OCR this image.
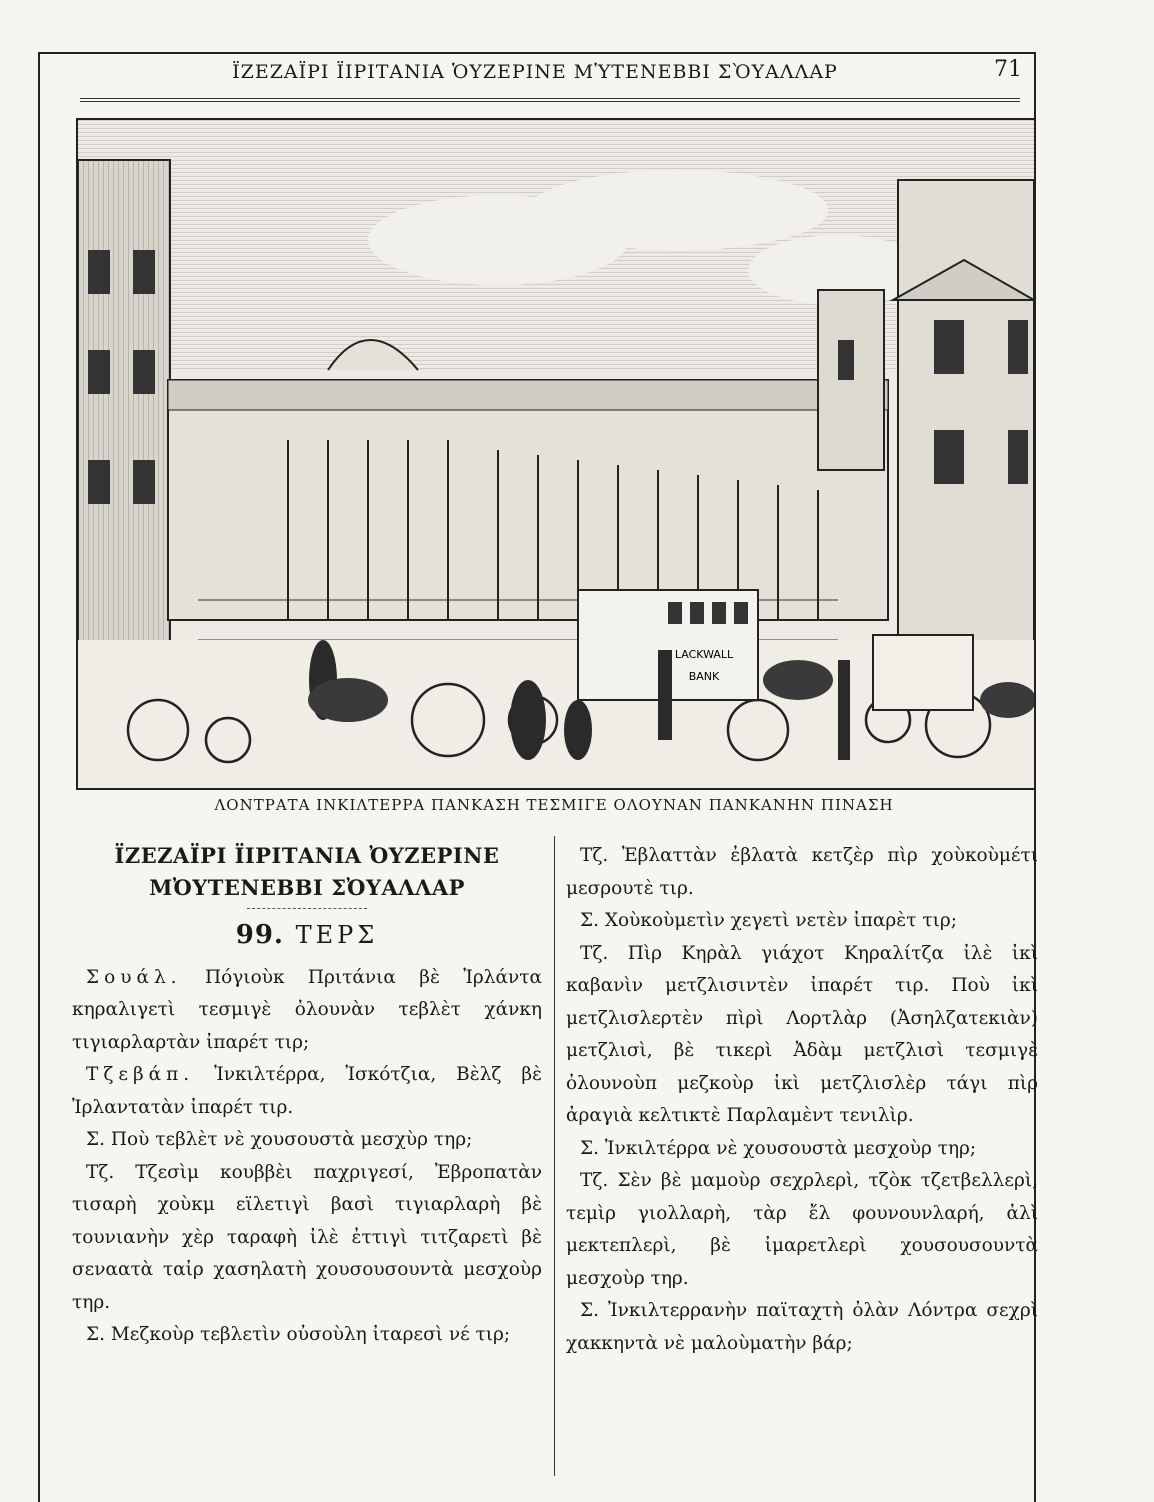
ΪΖΕΖΑΪΡΙ ΪΙΡΙΤΑΝΙΑ ὉΥΖΕΡΙΝΕ ΜὙΤΕΝΕΒΒΙ ΣῸΥΑΛΛΑΡ	71
LACKWALL
BANK
ΛΟΝΤΡΑΤΑ ΙΝΚΙΛΤΕΡΡΑ ΠΑΝΚΑΣΗ ΤΕΣΜΙΓΕ ΟΛΟΥΝΑΝ ΠΑΝΚΑΝΗΝ ΠΙΝΑΣΗ
ΪΖΕΖΑΪΡΙ ΪΙΡΙΤΑΝΙΑ ὈΥΖΕΡΙΝΕ
ΜὈΥΤΕΝΕΒΒΙ ΣὈΥΑΛΛΑΡ
99. ΤΕΡΣ

Σουάλ. Πόγιοὺκ Πριτάνια βὲ Ἰρλάντα κηραλιγετὶ τεσμιγὲ ὀλουνὰν τεβλὲτ χάνκη τιγιαρλαρτὰν ἰπαρέτ τιρ;

Τζεβάπ. Ἰνκιλτέρρα, Ἰσκότζια, Βὲλζ βὲ Ἰρλαντατὰν ἰπαρέτ τιρ.

Σ. Ποὺ τεβλὲτ νὲ χουσουστὰ μεσχὺρ τηρ;

Τζ. Τζεσὶμ κουββὲι παχριγεσί, Ἐβροπατὰν τισαρὴ χοὺκμ εϊλετιγὶ βασὶ τιγιαρλαρὴ βὲ τουνιανὴν χὲρ ταραφὴ ἰλὲ ἐττιγὶ τιτζαρετὶ βὲ σεναατὰ ταἰρ χασηλατὴ χουσουσουντὰ μεσχοὺρ τηρ.

Σ. Μεζκοὺρ τεβλετὶν οὐσοὺλη ἰταρεσὶ νέ τιρ;

Τζ. Ἐβλαττὰν ἐβλατὰ κετζὲρ πὶρ χοὺκοὺμέτι μεσρουτὲ τιρ.

Σ. Χοὺκοὺμετὶν χεγετὶ νετὲν ἰπαρὲτ τιρ;

Τζ. Πὶρ Κηρὰλ γιάχοτ Κηραλίτζα ἰλὲ ἰκὶ καβανὶν μετζλισιντὲν ἰπαρέτ τιρ. Ποὺ ἰκὶ μετζλισλερτὲν πὶρὶ Λορτλὰρ (Ἀσηλζατεκιὰν) μετζλισὶ, βὲ τικερὶ Ἀδὰμ μετζλισὶ τεσμιγὲ ὀλουνοὺπ μεζκοὺρ ἰκὶ μετζλισλὲρ τάγι πὶρ ἀραγιὰ κελτικτὲ Παρλαμὲντ τενιλὶρ.

Σ. Ἰνκιλτέρρα νὲ χουσουστὰ μεσχοὺρ τηρ;

Τζ. Σὲν βὲ μαμοὺρ σεχρλερὶ, τζὸκ τζετβελλερὶ, τεμὶρ γιολλαρὴ, τὰρ ἔλ φουνουνλαρή, ἀλὶ μεκτεπλερὶ, βὲ ἰμαρετλερὶ χουσουσουντὰ μεσχοὺρ τηρ.

Σ. Ἰνκιλτερρανὴν παϊταχτὴ ὀλὰν Λόντρα σεχρὶ χακκηντὰ νὲ μαλοὺματὴν βάρ;
